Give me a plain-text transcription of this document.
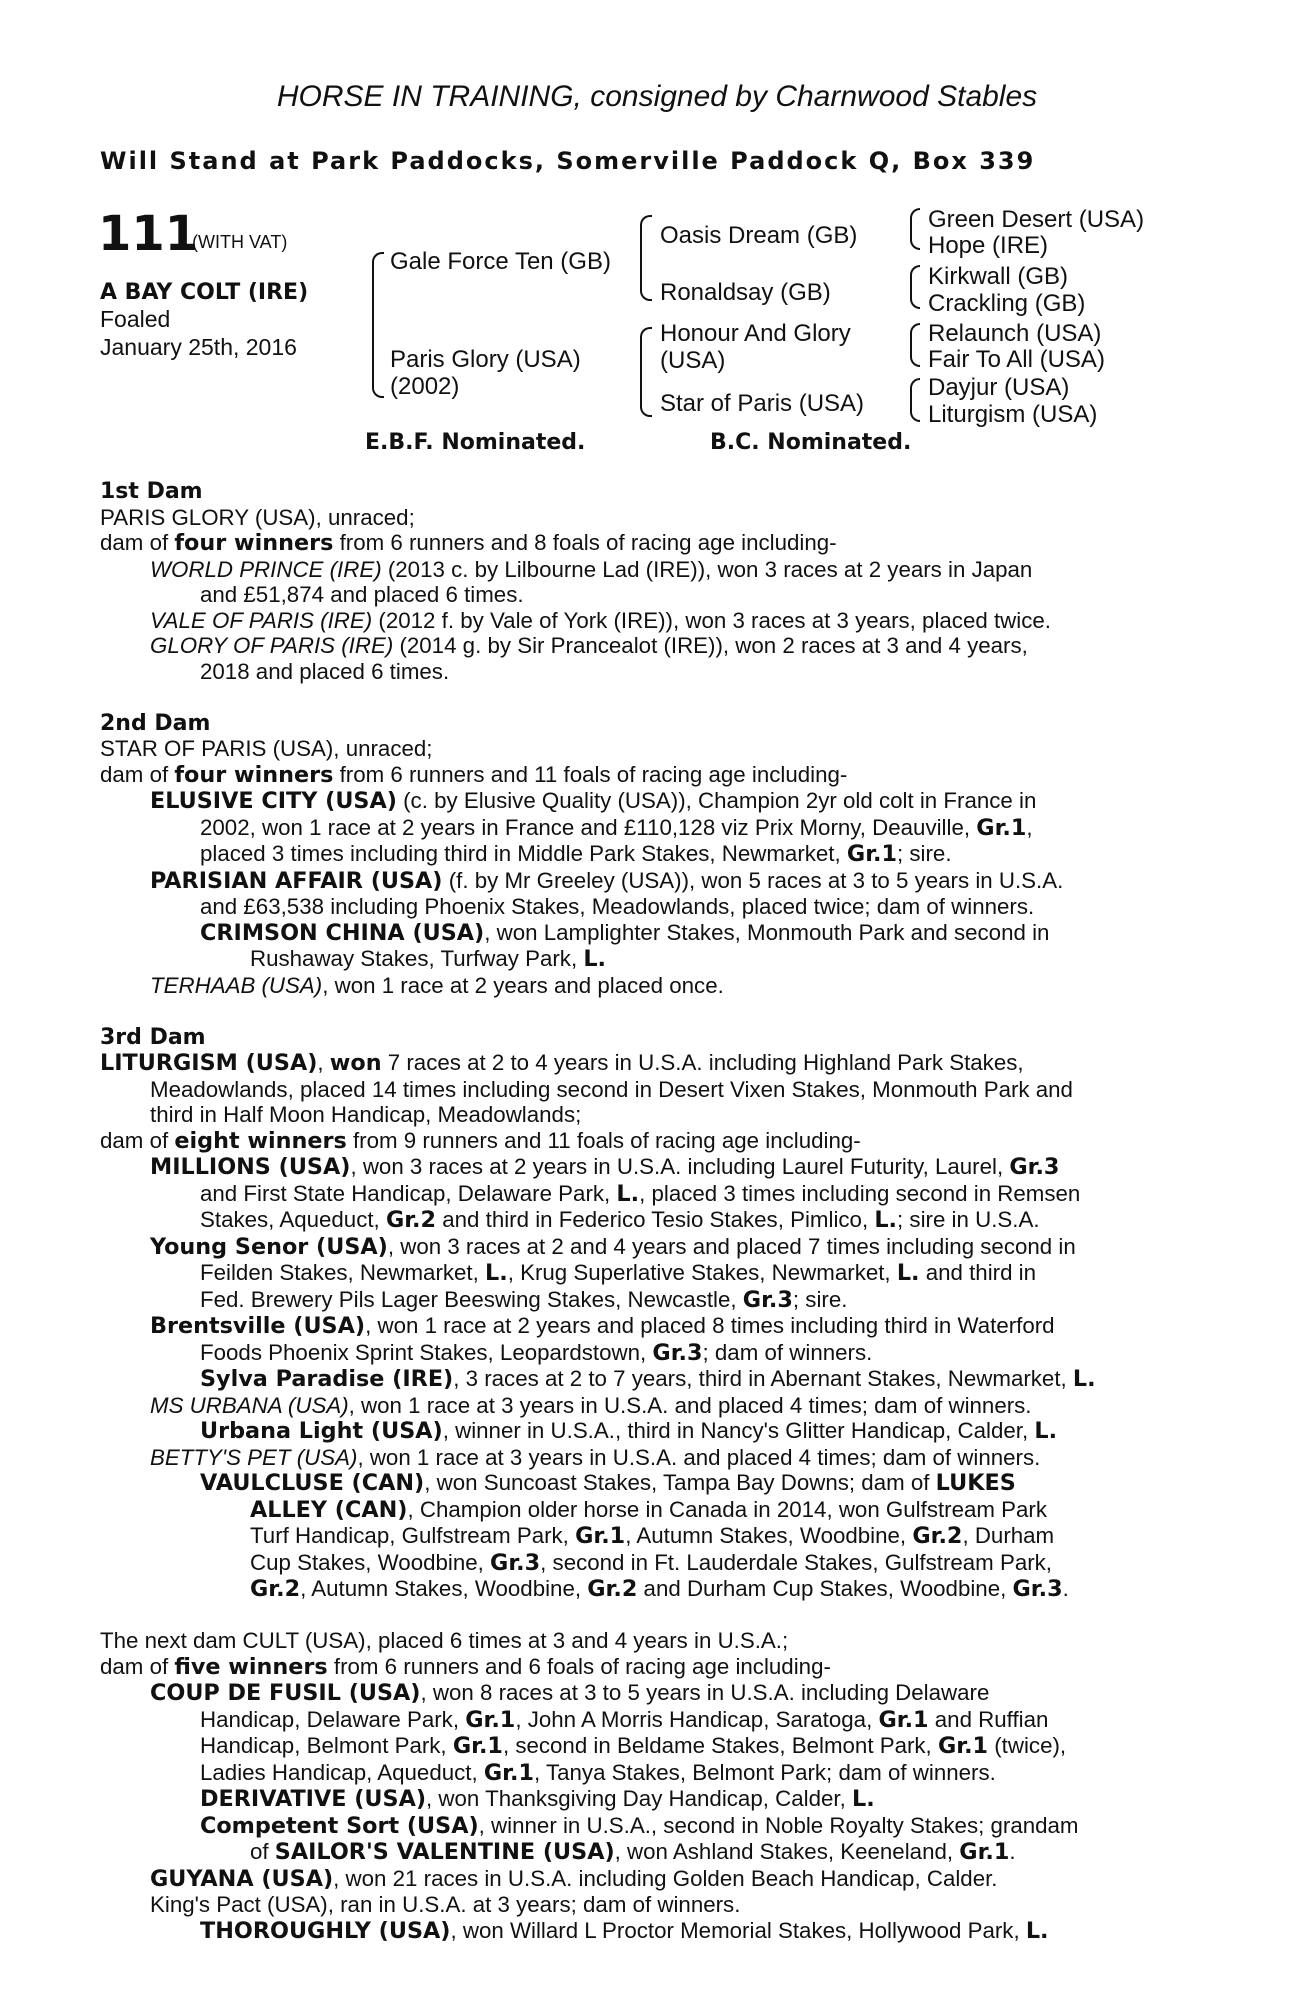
HORSE IN TRAINING, consigned by Charnwood Stables
Will Stand at Park Paddocks, Somerville Paddock Q, Box 339
111
(WITH VAT)
A BAY COLT (IRE)
Foaled
January 25th, 2016
Gale Force Ten (GB)
Paris Glory (USA)
(2002)
Oasis Dream (GB)
Ronaldsay (GB)
Honour And Glory
(USA)
Star of Paris (USA)
Green Desert (USA)
Hope (IRE)
Kirkwall (GB)
Crackling (GB)
Relaunch (USA)
Fair To All (USA)
Dayjur (USA)
Liturgism (USA)
E.B.F. Nominated.	B.C. Nominated.
1st Dam
PARIS GLORY (USA), unraced;
dam of four winners from 6 runners and 8 foals of racing age including-
WORLD PRINCE (IRE) (2013 c. by Lilbourne Lad (IRE)), won 3 races at 2 years in Japan
and £51,874 and placed 6 times.
VALE OF PARIS (IRE) (2012 f. by Vale of York (IRE)), won 3 races at 3 years, placed twice.
GLORY OF PARIS (IRE) (2014 g. by Sir Prancealot (IRE)), won 2 races at 3 and 4 years,
2018 and placed 6 times.
2nd Dam
STAR OF PARIS (USA), unraced;
dam of four winners from 6 runners and 11 foals of racing age including-
ELUSIVE CITY (USA) (c. by Elusive Quality (USA)), Champion 2yr old colt in France in
2002, won 1 race at 2 years in France and £110,128 viz Prix Morny, Deauville, Gr.1,
placed 3 times including third in Middle Park Stakes, Newmarket, Gr.1; sire.
PARISIAN AFFAIR (USA) (f. by Mr Greeley (USA)), won 5 races at 3 to 5 years in U.S.A.
and £63,538 including Phoenix Stakes, Meadowlands, placed twice; dam of winners.
CRIMSON CHINA (USA), won Lamplighter Stakes, Monmouth Park and second in
Rushaway Stakes, Turfway Park, L.
TERHAAB (USA), won 1 race at 2 years and placed once.
3rd Dam
LITURGISM (USA), won 7 races at 2 to 4 years in U.S.A. including Highland Park Stakes,
Meadowlands, placed 14 times including second in Desert Vixen Stakes, Monmouth Park and
third in Half Moon Handicap, Meadowlands;
dam of eight winners from 9 runners and 11 foals of racing age including-
MILLIONS (USA), won 3 races at 2 years in U.S.A. including Laurel Futurity, Laurel, Gr.3
and First State Handicap, Delaware Park, L., placed 3 times including second in Remsen
Stakes, Aqueduct, Gr.2 and third in Federico Tesio Stakes, Pimlico, L.; sire in U.S.A.
Young Senor (USA), won 3 races at 2 and 4 years and placed 7 times including second in
Feilden Stakes, Newmarket, L., Krug Superlative Stakes, Newmarket, L. and third in
Fed. Brewery Pils Lager Beeswing Stakes, Newcastle, Gr.3; sire.
Brentsville (USA), won 1 race at 2 years and placed 8 times including third in Waterford
Foods Phoenix Sprint Stakes, Leopardstown, Gr.3; dam of winners.
Sylva Paradise (IRE), 3 races at 2 to 7 years, third in Abernant Stakes, Newmarket, L.
MS URBANA (USA), won 1 race at 3 years in U.S.A. and placed 4 times; dam of winners.
Urbana Light (USA), winner in U.S.A., third in Nancy's Glitter Handicap, Calder, L.
BETTY'S PET (USA), won 1 race at 3 years in U.S.A. and placed 4 times; dam of winners.
VAULCLUSE (CAN), won Suncoast Stakes, Tampa Bay Downs; dam of LUKES
ALLEY (CAN), Champion older horse in Canada in 2014, won Gulfstream Park
Turf Handicap, Gulfstream Park, Gr.1, Autumn Stakes, Woodbine, Gr.2, Durham
Cup Stakes, Woodbine, Gr.3, second in Ft. Lauderdale Stakes, Gulfstream Park,
Gr.2, Autumn Stakes, Woodbine, Gr.2 and Durham Cup Stakes, Woodbine, Gr.3.
The next dam CULT (USA), placed 6 times at 3 and 4 years in U.S.A.;
dam of five winners from 6 runners and 6 foals of racing age including-
COUP DE FUSIL (USA), won 8 races at 3 to 5 years in U.S.A. including Delaware
Handicap, Delaware Park, Gr.1, John A Morris Handicap, Saratoga, Gr.1 and Ruffian
Handicap, Belmont Park, Gr.1, second in Beldame Stakes, Belmont Park, Gr.1 (twice),
Ladies Handicap, Aqueduct, Gr.1, Tanya Stakes, Belmont Park; dam of winners.
DERIVATIVE (USA), won Thanksgiving Day Handicap, Calder, L.
Competent Sort (USA), winner in U.S.A., second in Noble Royalty Stakes; grandam
of SAILOR'S VALENTINE (USA), won Ashland Stakes, Keeneland, Gr.1.
GUYANA (USA), won 21 races in U.S.A. including Golden Beach Handicap, Calder.
King's Pact (USA), ran in U.S.A. at 3 years; dam of winners.
THOROUGHLY (USA), won Willard L Proctor Memorial Stakes, Hollywood Park, L.
